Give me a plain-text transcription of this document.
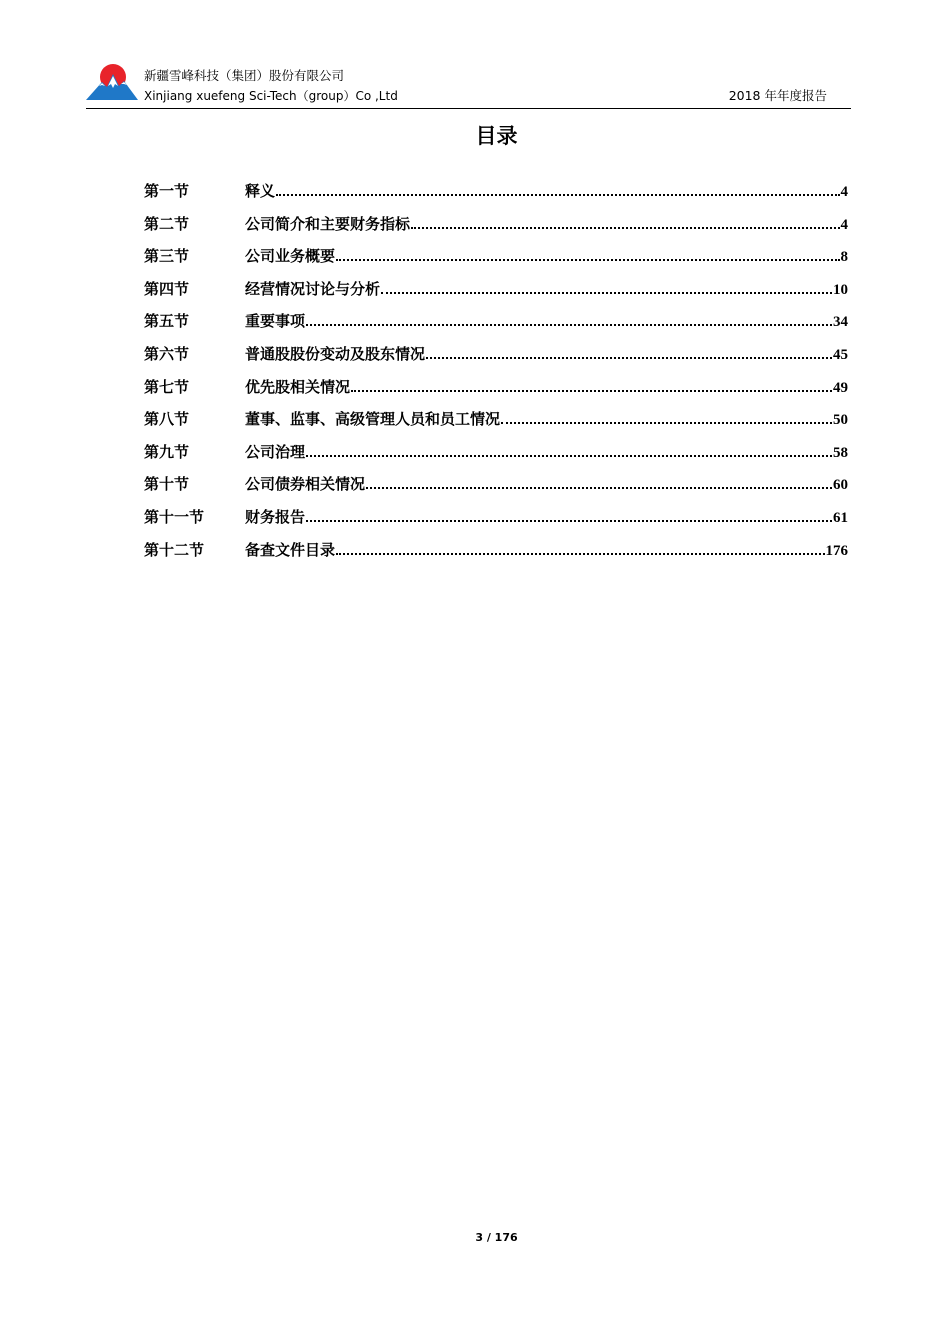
新疆雪峰科技（集团）股份有限公司
Xinjiang xuefeng Sci-Tech（group）Co ,Ltd	2018 年年度报告
目录
第一节	释义	4
第二节	公司简介和主要财务指标	4
第三节	公司业务概要	8
第四节	经营情况讨论与分析	10
第五节	重要事项	34
第六节	普通股股份变动及股东情况	45
第七节	优先股相关情况	49
第八节	董事、监事、高级管理人员和员工情况	50
第九节	公司治理	58
第十节	公司债券相关情况	60
第十一节	财务报告	61
第十二节	备查文件目录	176
3 / 176
